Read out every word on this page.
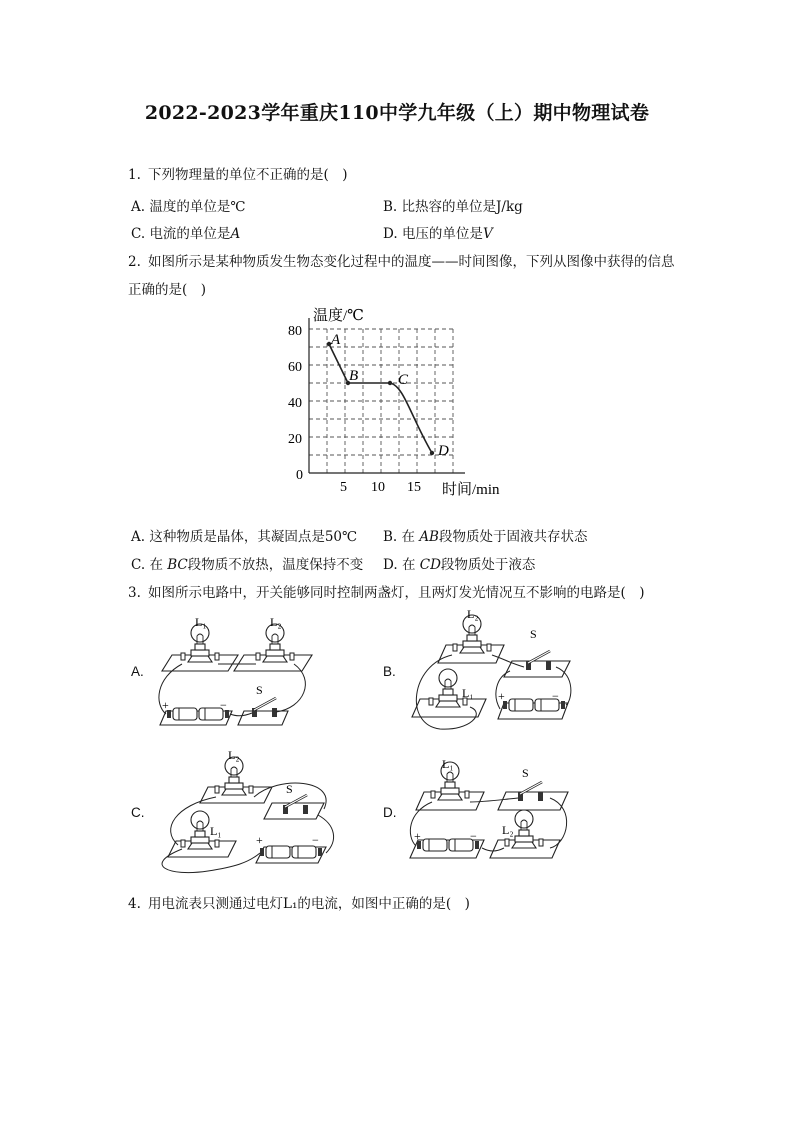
2022-2023学年重庆110中学九年级（上）期中物理试卷
1. 下列物理量的单位不正确的是(　)
A. 温度的单位是℃	B. 比热容的单位是J/kg
C. 电流的单位是A	D. 电压的单位是V
2. 如图所示是某种物质发生物态变化过程中的温度——时间图像，下列从图像中获得的信息
正确的是(　)
温度/℃
时间/min
0
20
40
60
80
5 10 15
A
B	C
D
A. 这种物质是晶体，其凝固点是50℃ B. 在 AB段物质处于固液共存状态
C. 在 BC段物质不放热，温度保持不变 D. 在 CD段物质处于液态
3. 如图所示电路中，开关能够同时控制两盏灯，且两灯发光情况互不影响的电路是(　)
A.	B.
C.	D.
L₁	L₂
+	−
S
L₂
S
L₁ +	−
L₂
S
L₁
+	−
L₁
S
+	− L₂
4. 用电流表只测通过电灯L₁的电流，如图中正确的是(　)
